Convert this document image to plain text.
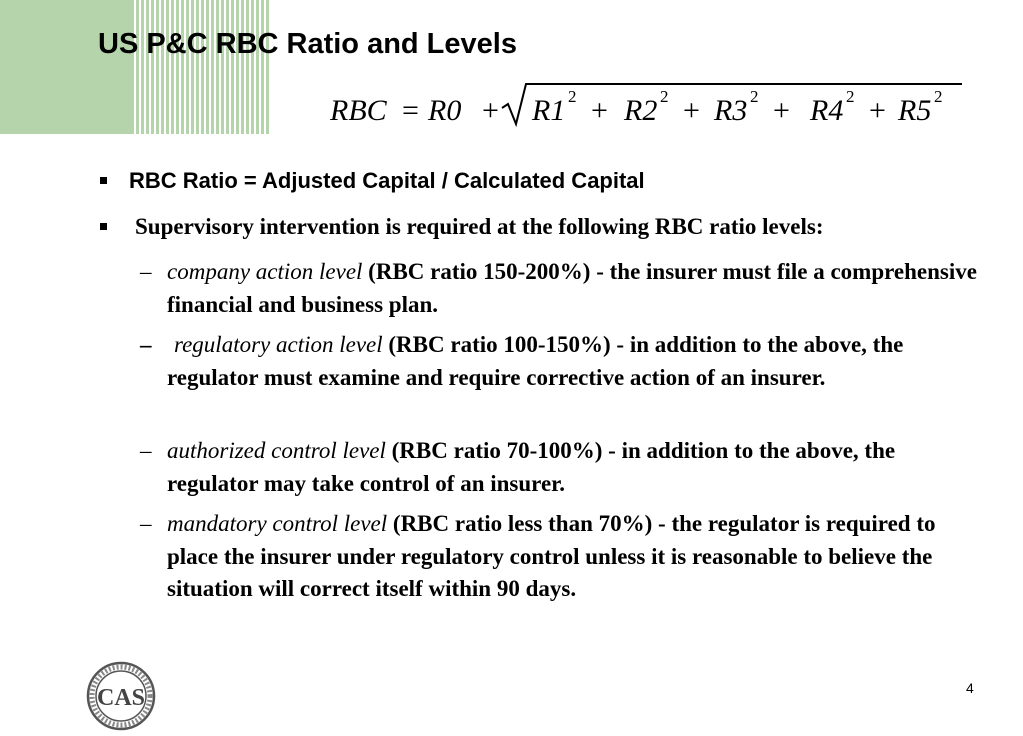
US P&C RBC Ratio and Levels
RBC = R0 + R1 2 + R2 2 + R3 2 + R4 2 + R5 2
RBC Ratio = Adjusted Capital / Calculated Capital
Supervisory intervention is required at the following RBC ratio levels:
– company action level (RBC ratio 150-200%) - the insurer must file a comprehensive financial and business plan.
– regulatory action level (RBC ratio 100-150%) - in addition to the above, the regulator must examine and require corrective action of an insurer.
– authorized control level (RBC ratio 70-100%) - in addition to the above, the regulator may take control of an insurer.
– mandatory control level (RBC ratio less than 70%) - the regulator is required to place the insurer under regulatory control unless it is reasonable to believe the situation will correct itself within 90 days.
CAS	4
